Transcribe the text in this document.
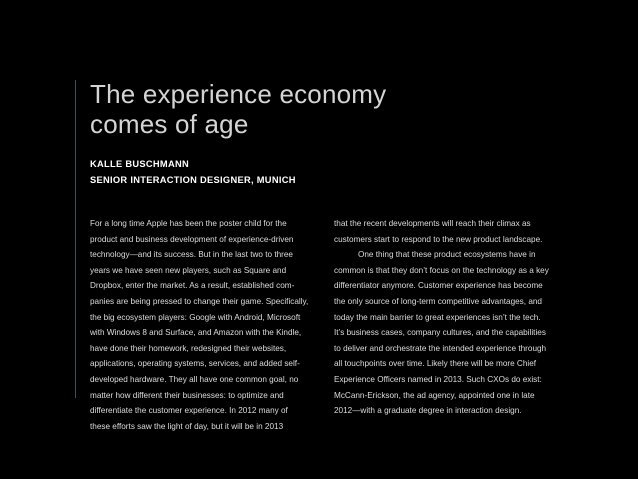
The experience economy
comes of age
KALLE BUSCHMANN
SENIOR INTERACTION DESIGNER, MUNICH
For a long time Apple has been the poster child for the
product and business development of experience-driven
technology—and its success. But in the last two to three
years we have seen new players, such as Square and
Dropbox, enter the market. As a result, established com-
panies are being pressed to change their game. Specifically,
the big ecosystem players: Google with Android, Microsoft
with Windows 8 and Surface, and Amazon with the Kindle,
have done their homework, redesigned their websites,
applications, operating systems, services, and added self-
developed hardware. They all have one common goal, no
matter how different their businesses: to optimize and
differentiate the customer experience. In 2012 many of
these efforts saw the light of day, but it will be in 2013
that the recent developments will reach their climax as
customers start to respond to the new product landscape.
One thing that these product ecosystems have in
common is that they don’t focus on the technology as a key
differentiator anymore. Customer experience has become
the only source of long-term competitive advantages, and
today the main barrier to great experiences isn’t the tech.
It’s business cases, company cultures, and the capabilities
to deliver and orchestrate the intended experience through
all touchpoints over time. Likely there will be more Chief
Experience Officers named in 2013. Such CXOs do exist:
McCann-Erickson, the ad agency, appointed one in late
2012—with a graduate degree in interaction design.
